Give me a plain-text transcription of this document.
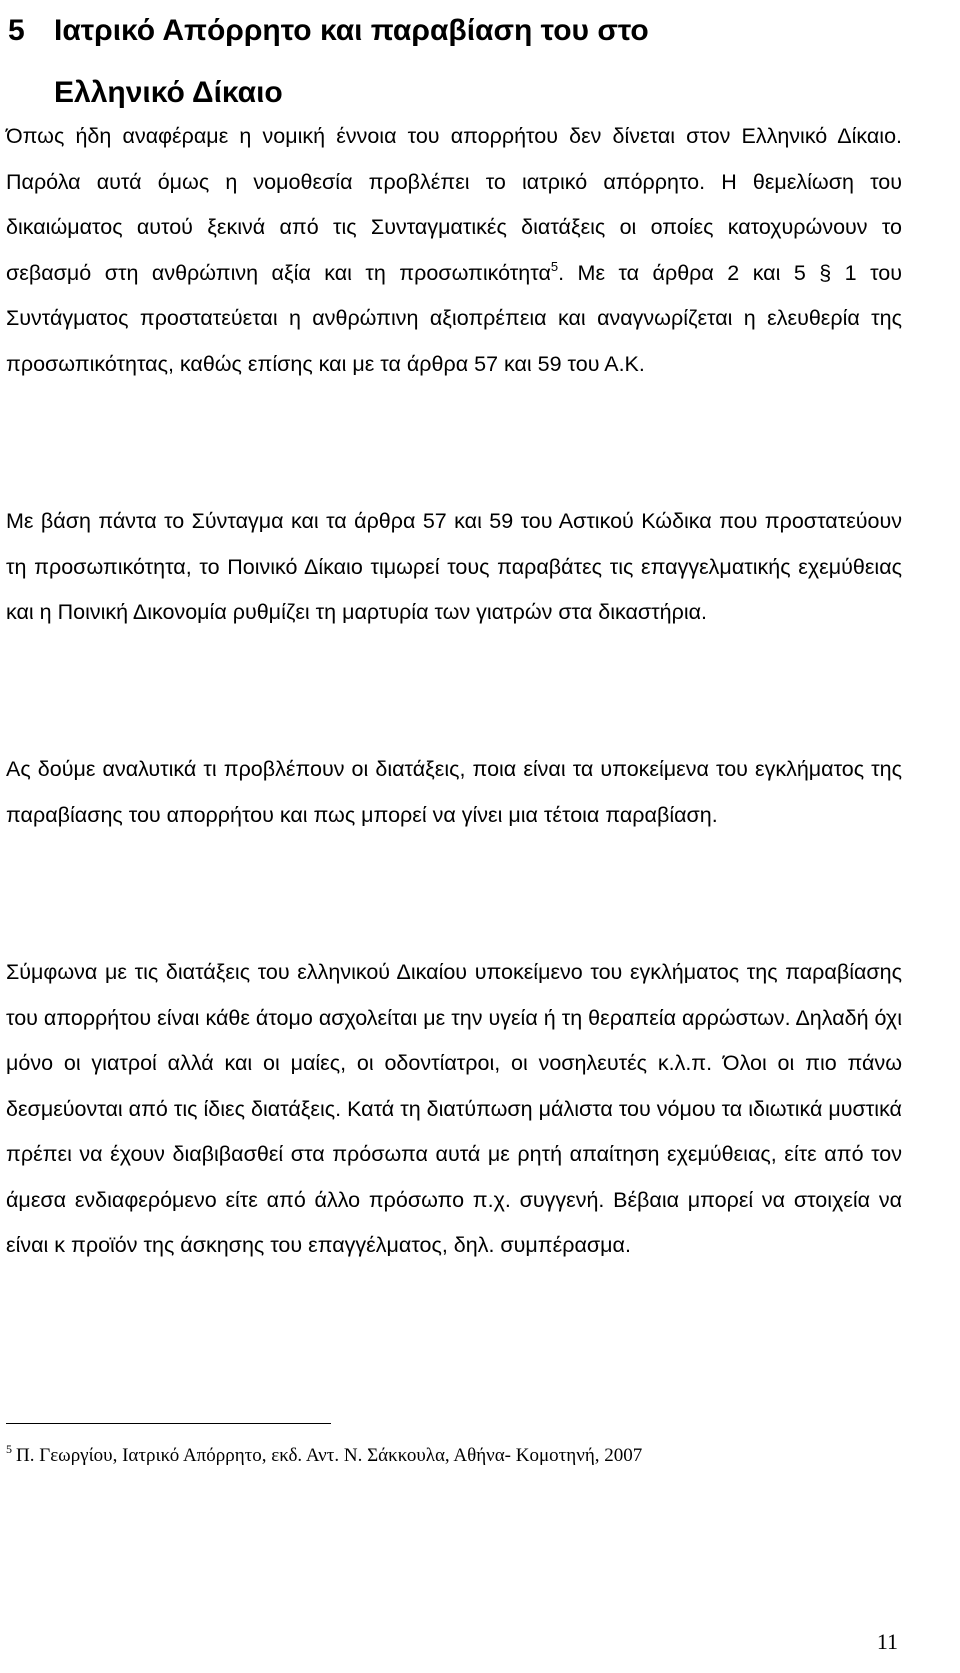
5 Ιατρικό Απόρρητο και παραβίαση του στο
Ελληνικό Δίκαιο

Όπως ήδη αναφέραμε η νομική έννοια του απορρήτου δεν δίνεται στον Ελληνικό Δίκαιο. Παρόλα αυτά όμως η νομοθεσία προβλέπει το ιατρικό απόρρητο. Η θεμελίωση του δικαιώματος αυτού ξεκινά από τις Συνταγματικές διατάξεις οι οποίες κατοχυρώνουν το σεβασμό στη ανθρώπινη αξία και τη προσωπικότητα$^5$. Με τα άρθρα 2 και 5 § 1 του Συντάγματος προστατεύεται η ανθρώπινη αξιοπρέπεια και αναγνωρίζεται η ελευθερία της προσωπικότητας, καθώς επίσης και με τα άρθρα 57 και 59 του Α.Κ.

Με βάση πάντα το Σύνταγμα και τα άρθρα 57 και 59 του Αστικού Κώδικα που προστατεύουν τη προσωπικότητα, το Ποινικό Δίκαιο τιμωρεί τους παραβάτες τις επαγγελματικής εχεμύθειας και η Ποινική Δικονομία ρυθμίζει τη μαρτυρία των γιατρών στα δικαστήρια.

Ας δούμε αναλυτικά τι προβλέπουν οι διατάξεις, ποια είναι τα υποκείμενα του εγκλήματος της παραβίασης του απορρήτου και πως μπορεί να γίνει μια τέτοια παραβίαση.

Σύμφωνα με τις διατάξεις του ελληνικού Δικαίου υποκείμενο του εγκλήματος της παραβίασης του απορρήτου είναι κάθε άτομο ασχολείται με την υγεία ή τη θεραπεία αρρώστων. Δηλαδή όχι μόνο οι γιατροί αλλά και οι μαίες, οι οδοντίατροι, οι νοσηλευτές κ.λ.π. Όλοι οι πιο πάνω δεσμεύονται από τις ίδιες διατάξεις. Κατά τη διατύπωση μάλιστα του νόμου τα ιδιωτικά μυστικά πρέπει να έχουν διαβιβασθεί στα πρόσωπα αυτά με ρητή απαίτηση εχεμύθειας, είτε από τον άμεσα ενδιαφερόμενο είτε από άλλο πρόσωπο π.χ. συγγενή. Βέβαια μπορεί να στοιχεία να είναι κ προϊόν της άσκησης του επαγγέλματος, δηλ. συμπέρασμα.

$^5$ Π. Γεωργίου, Ιατρικό Απόρρητο, εκδ. Αντ. Ν. Σάκκουλα, Αθήνα- Κομοτηνή, 2007

11
